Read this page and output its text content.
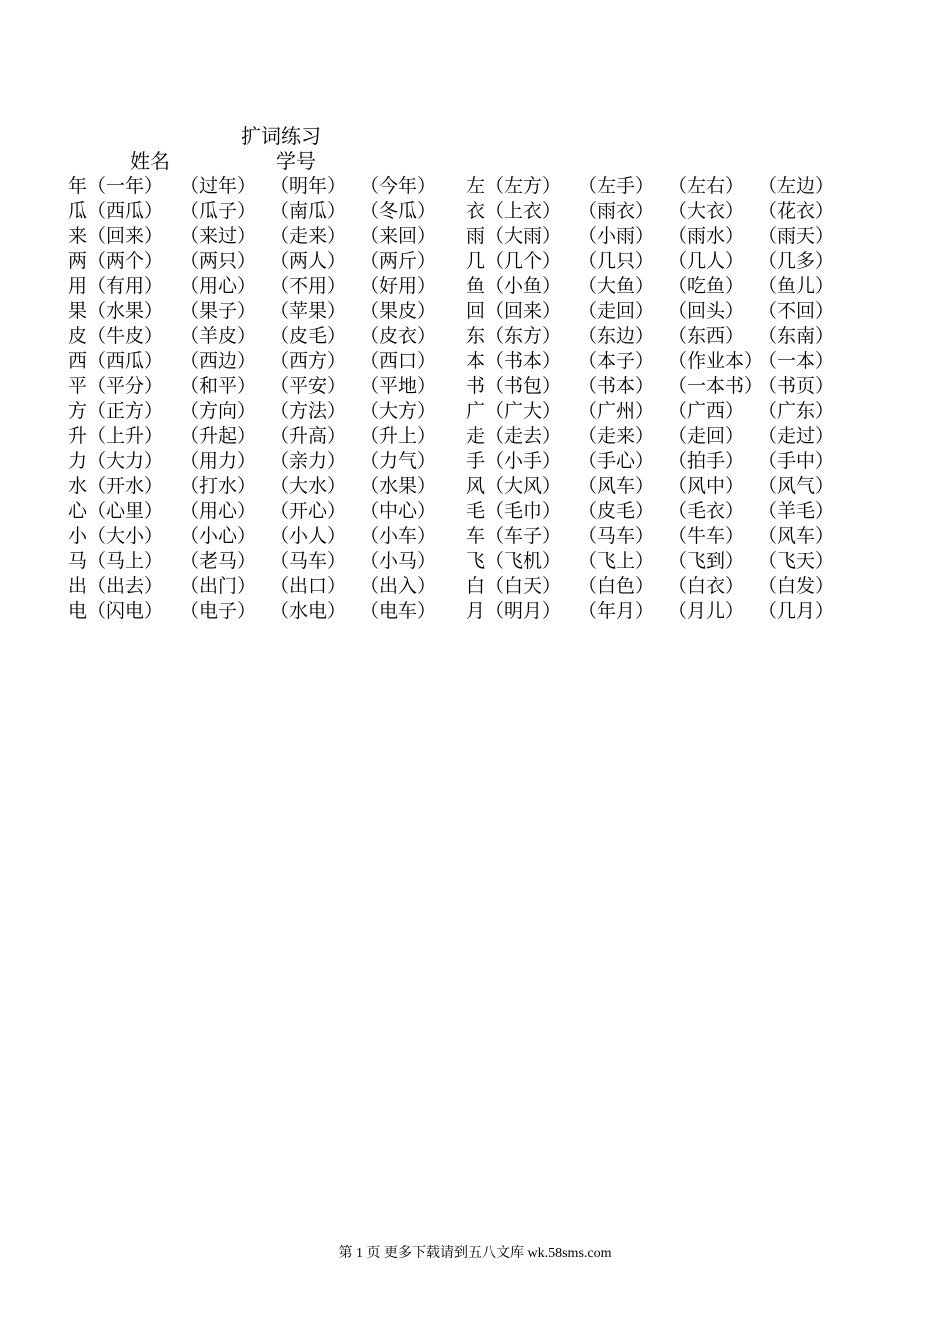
扩词练习
姓名	学号
年（一年） （过年） （明年） （今年） 左（左方） （左手） （左右） （左边）
瓜（西瓜） （瓜子） （南瓜） （冬瓜） 衣（上衣） （雨衣） （大衣） （花衣）
来（回来） （来过） （走来） （来回） 雨（大雨） （小雨） （雨水） （雨天）
两（两个） （两只） （两人） （两斤） 几（几个） （几只） （几人） （几多）
用（有用） （用心） （不用） （好用） 鱼（小鱼） （大鱼） （吃鱼） （鱼儿）
果（水果） （果子） （苹果） （果皮） 回（回来） （走回） （回头） （不回）
皮（牛皮） （羊皮） （皮毛） （皮衣） 东（东方） （东边） （东西） （东南）
西（西瓜） （西边） （西方） （西口） 本（书本） （本子） （作业本）
（一本）
平（平分） （和平） （平安） （平地） 书（书包） （书本） （一本书）
（书页）
方（正方） （方向） （方法） （大方） 广（广大） （广州） （广西） （广东）
升（上升） （升起） （升高） （升上） 走（走去） （走来） （走回） （走过）
力（大力） （用力） （亲力） （力气） 手（小手） （手心） （拍手） （手中）
水（开水） （打水） （大水） （水果） 风（大风） （风车） （风中） （风气）
心（心里） （用心） （开心） （中心） 毛（毛巾） （皮毛） （毛衣） （羊毛）
小（大小） （小心） （小人） （小车） 车（车子） （马车） （牛车） （风车）
马（马上） （老马） （马车） （小马） 飞（飞机） （飞上） （飞到） （飞天）
出（出去） （出门） （出口） （出入） 白（白天） （白色） （白衣） （白发）
电（闪电） （电子） （水电） （电车） 月（明月） （年月） （月儿） （几月）
第 1 页 更多下载请到五八文库 wk.58sms.com
